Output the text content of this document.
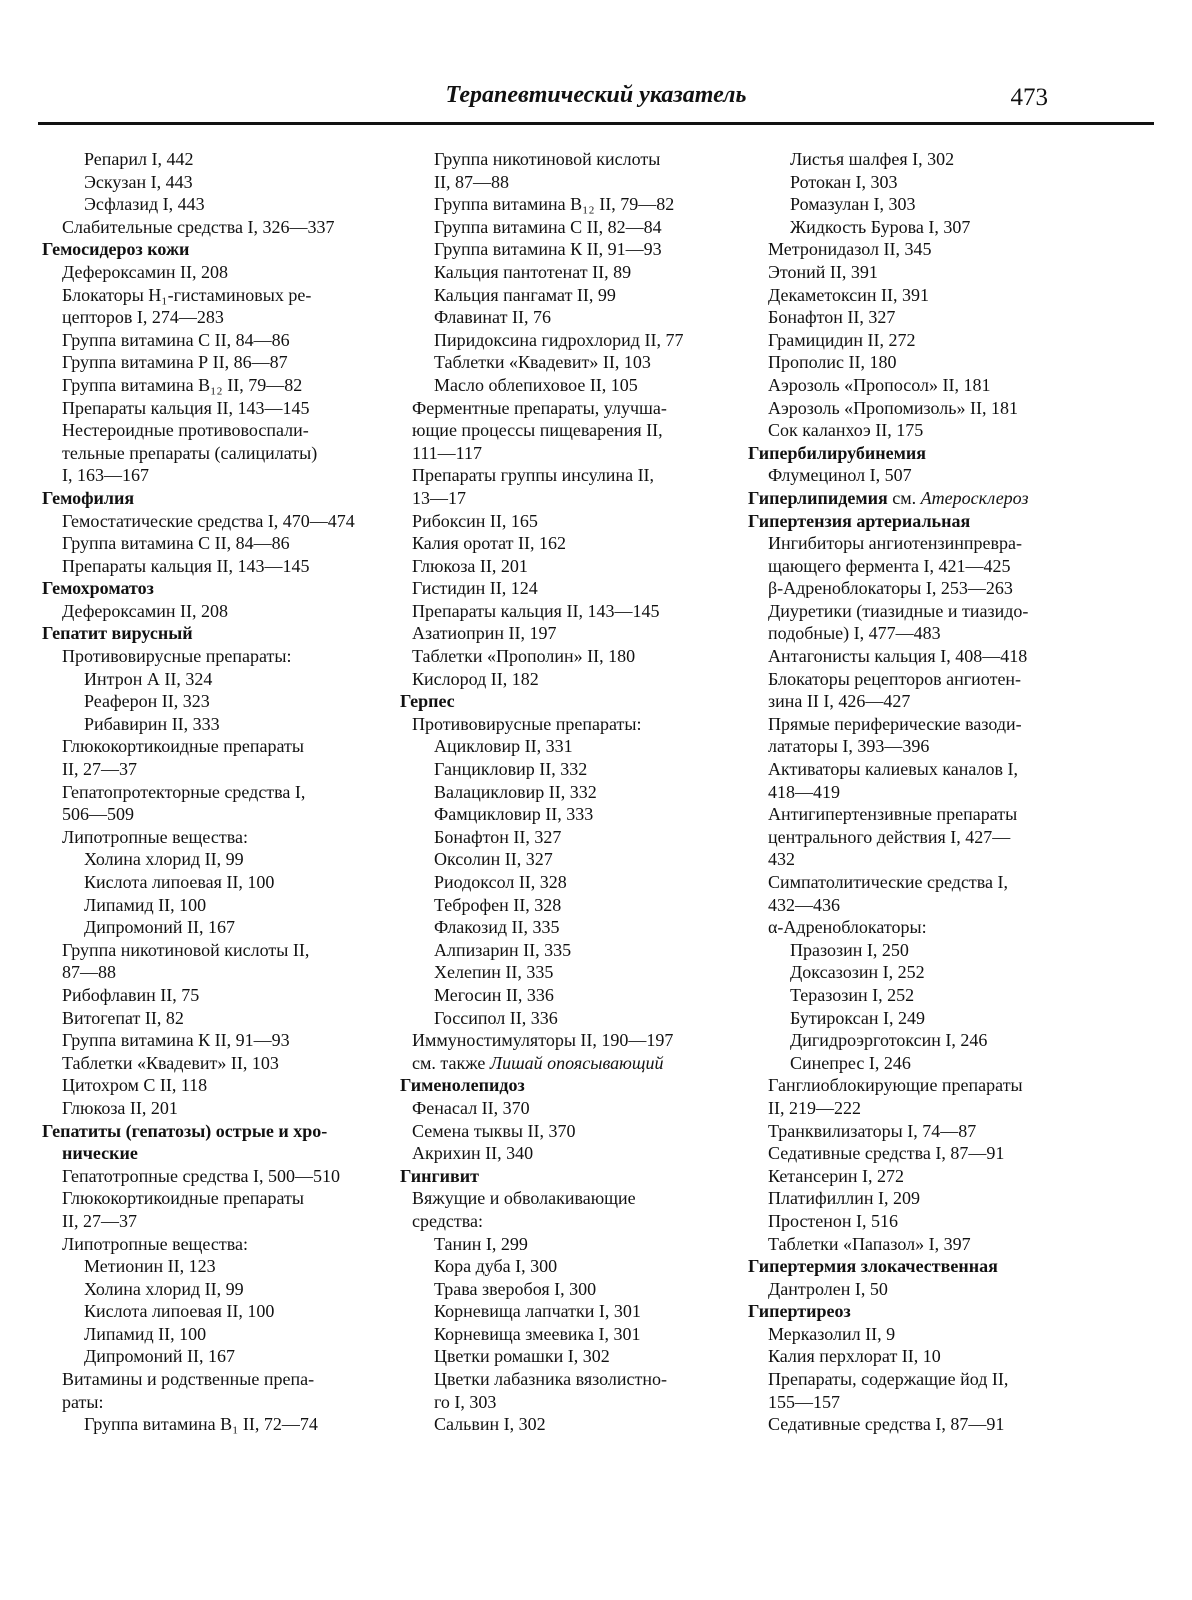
Терапевтический указатель	473
Репарил I, 442
Эскузан I, 443
Эсфлазид I, 443
Слабительные средства I, 326—337
Гемосидероз кожи
Дефероксамин II, 208
Блокаторы H₁-гистаминовых ре-
цепторов I, 274—283
Группа витамина С II, 84—86
Группа витамина Р II, 86—87
Группа витамина B₁₂ II, 79—82
Препараты кальция II, 143—145
Нестероидные противовоспали-
тельные препараты (салицилаты)
I, 163—167
Гемофилия
Гемостатические средства I, 470—474
Группа витамина С II, 84—86
Препараты кальция II, 143—145
Гемохроматоз
Дефероксамин II, 208
Гепатит вирусный
Противовирусные препараты:
Интрон А II, 324
Реаферон II, 323
Рибавирин II, 333
Глюкокортикоидные препараты
II, 27—37
Гепатопротекторные средства I,
506—509
Липотропные вещества:
Холина хлорид II, 99
Кислота липоевая II, 100
Липамид II, 100
Дипромоний II, 167
Группа никотиновой кислоты II,
87—88
Рибофлавин II, 75
Витогепат II, 82
Группа витамина К II, 91—93
Таблетки «Квадевит» II, 103
Цитохром С II, 118
Глюкоза II, 201
Гепатиты (гепатозы) острые и хро-
нические
Гепатотропные средства I, 500—510
Глюкокортикоидные препараты
II, 27—37
Липотропные вещества:
Метионин II, 123
Холина хлорид II, 99
Кислота липоевая II, 100
Липамид II, 100
Дипромоний II, 167
Витамины и родственные препа-
раты:
Группа витамина B₁ II, 72—74
Группа никотиновой кислоты
II, 87—88
Группа витамина B₁₂ II, 79—82
Группа витамина С II, 82—84
Группа витамина К II, 91—93
Кальция пантотенат II, 89
Кальция пангамат II, 99
Флавинат II, 76
Пиридоксина гидрохлорид II, 77
Таблетки «Квадевит» II, 103
Масло облепиховое II, 105
Ферментные препараты, улучша-
ющие процессы пищеварения II,
111—117
Препараты группы инсулина II,
13—17
Рибоксин II, 165
Калия оротат II, 162
Глюкоза II, 201
Гистидин II, 124
Препараты кальция II, 143—145
Азатиоприн II, 197
Таблетки «Прополин» II, 180
Кислород II, 182
Герпес
Противовирусные препараты:
Ацикловир II, 331
Ганцикловир II, 332
Валацикловир II, 332
Фамцикловир II, 333
Бонафтон II, 327
Оксолин II, 327
Риодоксол II, 328
Теброфен II, 328
Флакозид II, 335
Алпизарин II, 335
Хелепин II, 335
Мегосин II, 336
Госсипол II, 336
Иммуностимуляторы II, 190—197
см. также Лишай опоясывающий
Гименолепидоз
Фенасал II, 370
Семена тыквы II, 370
Акрихин II, 340
Гингивит
Вяжущие и обволакивающие
средства:
Танин I, 299
Кора дуба I, 300
Трава зверобоя I, 300
Корневища лапчатки I, 301
Корневища змеевика I, 301
Цветки ромашки I, 302
Цветки лабазника вязолистно-
го I, 303
Сальвин I, 302
Листья шалфея I, 302
Ротокан I, 303
Ромазулан I, 303
Жидкость Бурова I, 307
Метронидазол II, 345
Этоний II, 391
Декаметоксин II, 391
Бонафтон II, 327
Грамицидин II, 272
Прополис II, 180
Аэрозоль «Пропосол» II, 181
Аэрозоль «Пропомизоль» II, 181
Сок каланхоэ II, 175
Гипербилирубинемия
Флумецинол I, 507
Гиперлипидемия см. Атеросклероз
Гипертензия артериальная
Ингибиторы ангиотензинпревра-
щающего фермента I, 421—425
β-Адреноблокаторы I, 253—263
Диуретики (тиазидные и тиазидо-
подобные) I, 477—483
Антагонисты кальция I, 408—418
Блокаторы рецепторов ангиотен-
зина II I, 426—427
Прямые периферические вазоди-
лататоры I, 393—396
Активаторы калиевых каналов I,
418—419
Антигипертензивные препараты
центрального действия I, 427—
432
Симпатолитические средства I,
432—436
α-Адреноблокаторы:
Празозин I, 250
Доксазозин I, 252
Теразозин I, 252
Бутироксан I, 249
Дигидроэрготоксин I, 246
Синепрес I, 246
Ганглиоблокирующие препараты
II, 219—222
Транквилизаторы I, 74—87
Седативные средства I, 87—91
Кетансерин I, 272
Платифиллин I, 209
Простенон I, 516
Таблетки «Папазол» I, 397
Гипертермия злокачественная
Дантролен I, 50
Гипертиреоз
Мерказолил II, 9
Калия перхлорат II, 10
Препараты, содержащие йод II,
155—157
Седативные средства I, 87—91
